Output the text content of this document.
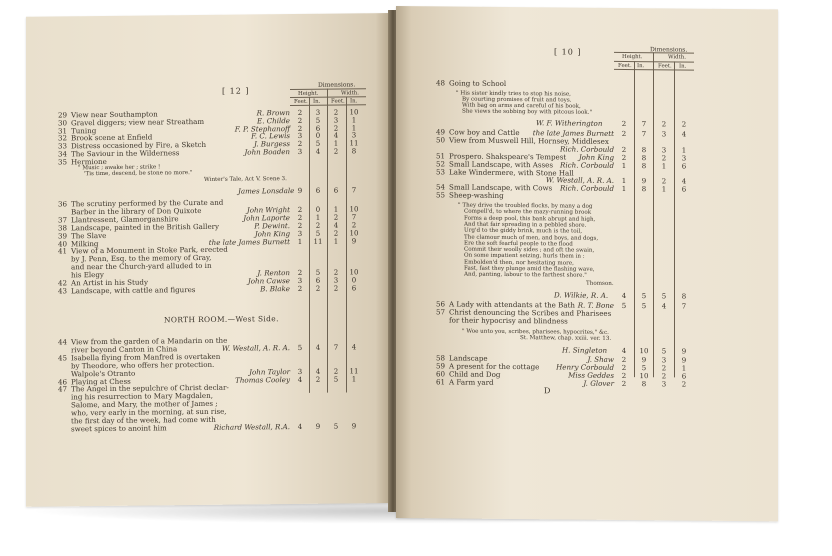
[ 12 ]
Dimensions.
Height.	Width.
Feet. In. Feet. In.
29 View near Southampton	R. Brown	2	3	2	10
30 Gravel diggers; view near Streatham	E. Childe	2	5	3	1
31 Tuning	F. P. Stephanoff	2	6	2	1
32 Brook scene at Enfield	F. C. Lewis	3	0	4	3
33 Distress occasioned by Fire, a Sketch	J. Burgess	2	5	1	11
34 The Saviour in the Wilderness	John Boaden	3	4	2	8
35 Hermione
" Music ; awake her ; strike !
'Tis time, descend, be stone no more."
Winter's Tale, Act V. Scene 3.
James Lonsdale 9	6	6	7
36 The scrutiny performed by the Curate and
Barber in the library of Don Quixote	John Wright	2	0	1	10
37 Llantressent, Glamorganshire	John Laporte	2	1	2	7
38 Landscape, painted in the British Gallery	P. Dewint.	2	2	4	2
39 The Slave	John King	3	5	2	10
40 Milking	the late James Burnett	1	11	1	9
41 View of a Monument in Stoke Park, erected
by J. Penn, Esq. to the memory of Gray,
and near the Church-yard alluded to in
his Elegy	J. Renton	2	5	2	10
42 An Artist in his Study	John Cawse	3	6	3	0
43 Landscape, with cattle and figures	B. Blake	2	2	2	6
NORTH ROOM.—West Side.
44 View from the garden of a Mandarin on the
river beyond Canton in China	W. Westall, A. R. A.	5	4	7	4
45 Isabella flying from Manfred is overtaken
by Theodore, who offers her protection.
Walpole's Otranto	John Taylor	3	4	2	11
46 Playing at Chess	Thomas Cooley	4	2	5	1
47 The Angel in the sepulchre of Christ declar-
ing his resurrection to Mary Magdalen,
Salome, and Mary, the mother of James ;
who, very early in the morning, at sun rise,
the first day of the week, had come with
sweet spices to anoint him	Richard Westall, R.A.	4	9	5	9
[ 10 ]	Dimensions.
Height.	Width.
Feet. In.	Feet. In.
48 Going to School
" His sister kindly tries to stop his noise,
By courting promises of fruit and toys.
With bag on arms and careful of his book,
She views the sobbing boy with pitcous look."
W. F. Witherington	2	7	2	2
49 Cow boy and Cattle	the late James Burnett	2	7	3	4
50 View from Muswell Hill, Hornsey, Middlesex
Rich. Corbould	2	8	3	1
51 Prospero. Shakspeare's Tempest	John King	2	8	2	3
52 Small Landscape, with Asses Rich. Corbould	1	8	1	6
53 Lake Windermere, with Stone Hall
W. Westall, A. R. A.	1	9	2	4
54 Small Landscape, with Cows	Rich. Corbould	1	8	1	6
55 Sheep-washing
" They drive the troubled flocks, by many a dog
Compell'd, to where the mazy-running brook
Forms a deep pool, this bank abrupt and high,
And that fair spreading in a pebbled shore.
Urg'd to the giddy brink, much is the toil,
The clamour much of men, and boys, and dogs,
Ere the soft fearful people to the flood
Commit their woolly sides ; and oft the swain,
On some impatient seizing, hurls them in :
Embolden'd then, nor hesitating more,
Fast, fast they plunge amid the flashing wave,
And, panting, labour to the farthest shore."
Thomson.
D. Wilkie, R. A.	4	5	5	8
56 A Lady with attendants at the Bath R. T. Bone	5	5	4	7
57 Christ denouncing the Scribes and Pharisees
for their hypocrisy and blindness
" Woe unto you, scribes, pharisees, hypocrites," &c.
St. Matthew, chap. xxiii. ver. 13.
H. Singleton	4	10	5	9
58 Landscape	J. Shaw	2	9	3	9
59 A present for the cottage	Henry Corbould	2	5	2	1
60 Child and Dog	Miss Geddes	2	10	2	6
61 A Farm yard	J. Glover	2	8	3	2
D
